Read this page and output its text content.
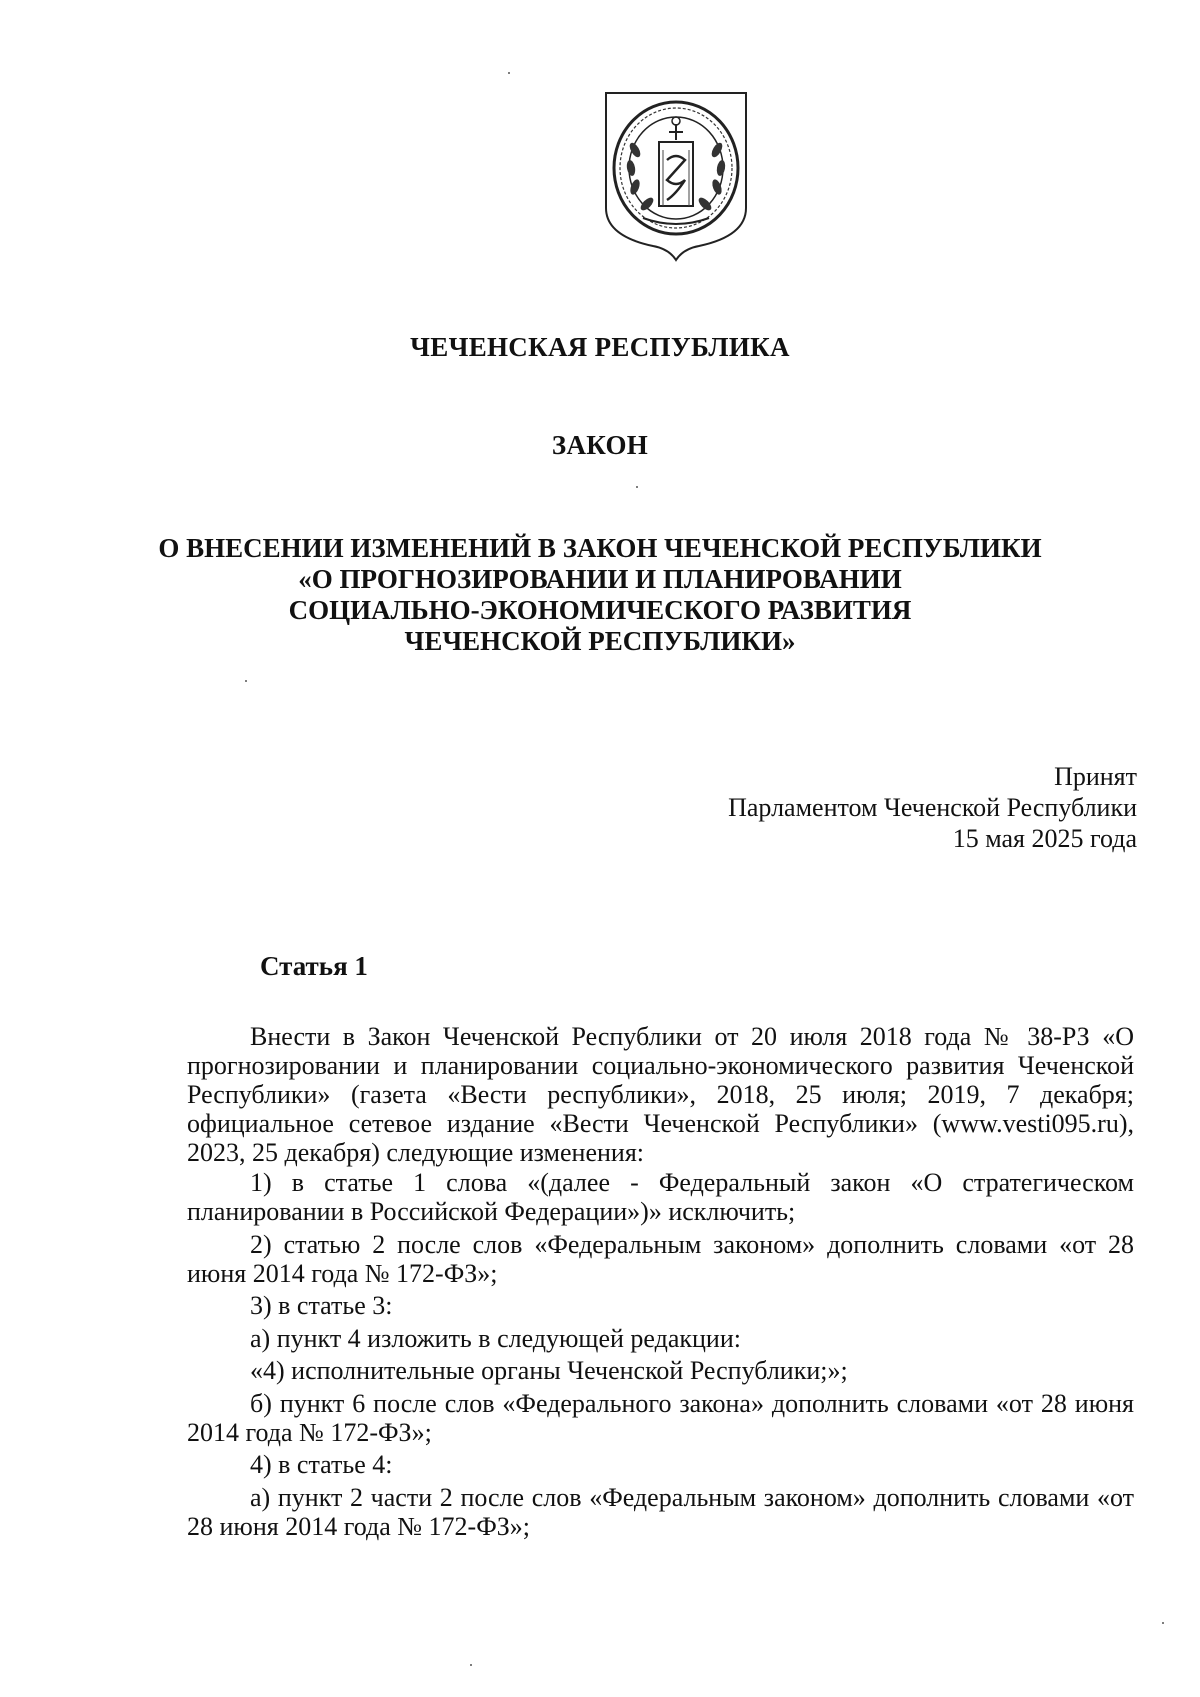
ЧЕЧЕНСКАЯ РЕСПУБЛИКА
ЗАКОН
О ВНЕСЕНИИ ИЗМЕНЕНИЙ В ЗАКОН ЧЕЧЕНСКОЙ РЕСПУБЛИКИ
«О ПРОГНОЗИРОВАНИИ И ПЛАНИРОВАНИИ
СОЦИАЛЬНО-ЭКОНОМИЧЕСКОГО РАЗВИТИЯ
ЧЕЧЕНСКОЙ РЕСПУБЛИКИ»
Принят
Парламентом Чеченской Республики
15 мая 2025 года
Статья 1

Внести в Закон Чеченской Республики от 20 июля 2018 года № 38-РЗ «О прогнозировании и планировании социально-экономического развития Чеченской Республики» (газета «Вести республики», 2018, 25 июля; 2019, 7 декабря; официальное сетевое издание «Вести Чеченской Республики» (www.vesti095.ru), 2023, 25 декабря) следующие изменения:

1) в статье 1 слова «(далее - Федеральный закон «О стратегическом планировании в Российской Федерации»)» исключить;

2) статью 2 после слов «Федеральным законом» дополнить словами «от 28 июня 2014 года № 172-ФЗ»;

3) в статье 3:

а) пункт 4 изложить в следующей редакции:

«4) исполнительные органы Чеченской Республики;»;

б) пункт 6 после слов «Федерального закона» дополнить словами «от 28 июня 2014 года № 172-ФЗ»;

4) в статье 4:

а) пункт 2 части 2 после слов «Федеральным законом» дополнить словами «от 28 июня 2014 года № 172-ФЗ»;
